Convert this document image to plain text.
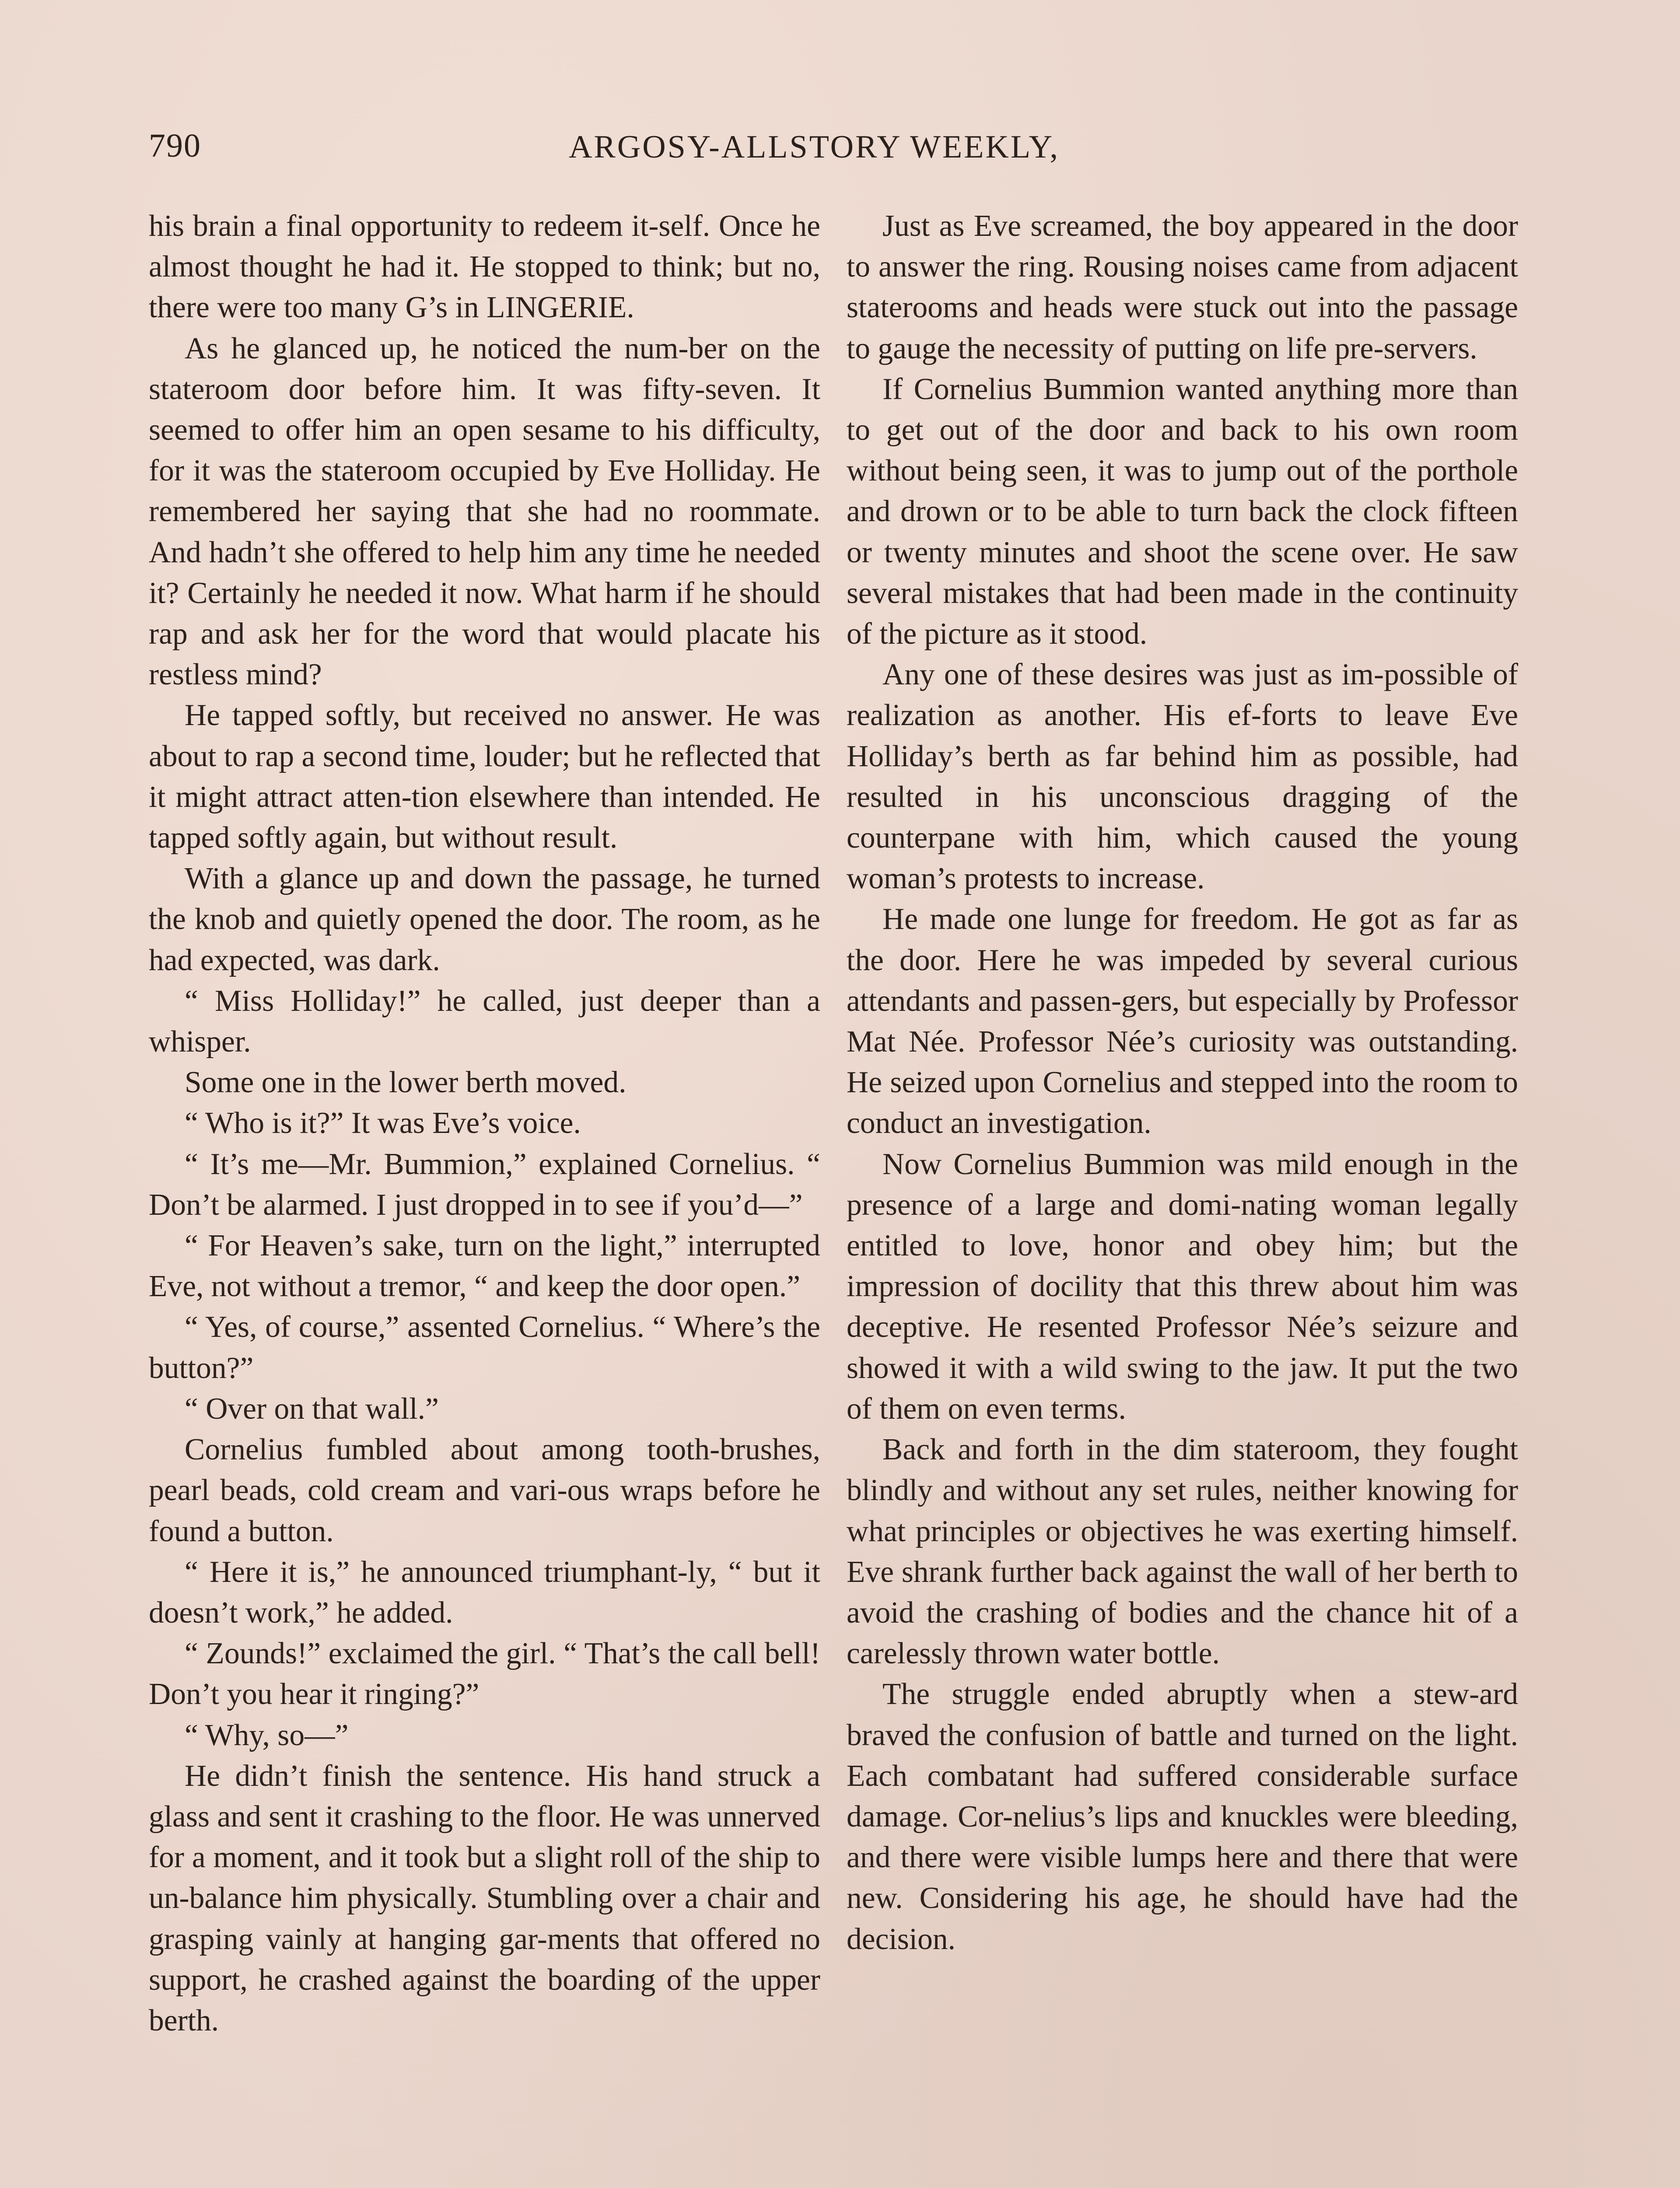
790	ARGOSY-ALLSTORY WEEKLY,

his brain a final opportunity to redeem it-self. Once he almost thought he had it. He stopped to think; but no, there were too many G’s in LINGERIE.

As he glanced up, he noticed the num-ber on the stateroom door before him. It was fifty-seven. It seemed to offer him an open sesame to his difficulty, for it was the stateroom occupied by Eve Holliday. He remembered her saying that she had no roommate. And hadn’t she offered to help him any time he needed it? Certainly he needed it now. What harm if he should rap and ask her for the word that would placate his restless mind?

He tapped softly, but received no answer. He was about to rap a second time, louder; but he reflected that it might attract atten-tion elsewhere than intended. He tapped softly again, but without result.

With a glance up and down the passage, he turned the knob and quietly opened the door. The room, as he had expected, was dark.

“ Miss Holliday!” he called, just deeper than a whisper.

Some one in the lower berth moved.

“ Who is it?” It was Eve’s voice.

“ It’s me—Mr. Bummion,” explained Cornelius. “ Don’t be alarmed. I just dropped in to see if you’d—”

“ For Heaven’s sake, turn on the light,” interrupted Eve, not without a tremor, “ and keep the door open.”

“ Yes, of course,” assented Cornelius. “ Where’s the button?”

“ Over on that wall.”

Cornelius fumbled about among tooth-brushes, pearl beads, cold cream and vari-ous wraps before he found a button.

“ Here it is,” he announced triumphant-ly, “ but it doesn’t work,” he added.

“ Zounds!” exclaimed the girl. “ That’s the call bell! Don’t you hear it ringing?”

“ Why, so—”

He didn’t finish the sentence. His hand struck a glass and sent it crashing to the floor. He was unnerved for a moment, and it took but a slight roll of the ship to un-balance him physically. Stumbling over a chair and grasping vainly at hanging gar-ments that offered no support, he crashed against the boarding of the upper berth.

Just as Eve screamed, the boy appeared in the door to answer the ring. Rousing noises came from adjacent staterooms and heads were stuck out into the passage to gauge the necessity of putting on life pre-servers.

If Cornelius Bummion wanted anything more than to get out of the door and back to his own room without being seen, it was to jump out of the porthole and drown or to be able to turn back the clock fifteen or twenty minutes and shoot the scene over. He saw several mistakes that had been made in the continuity of the picture as it stood.

Any one of these desires was just as im-possible of realization as another. His ef-forts to leave Eve Holliday’s berth as far behind him as possible, had resulted in his unconscious dragging of the counterpane with him, which caused the young woman’s protests to increase.

He made one lunge for freedom. He got as far as the door. Here he was impeded by several curious attendants and passen-gers, but especially by Professor Mat Née. Professor Née’s curiosity was outstanding. He seized upon Cornelius and stepped into the room to conduct an investigation.

Now Cornelius Bummion was mild enough in the presence of a large and domi-nating woman legally entitled to love, honor and obey him; but the impression of docility that this threw about him was deceptive. He resented Professor Née’s seizure and showed it with a wild swing to the jaw. It put the two of them on even terms.

Back and forth in the dim stateroom, they fought blindly and without any set rules, neither knowing for what principles or objectives he was exerting himself. Eve shrank further back against the wall of her berth to avoid the crashing of bodies and the chance hit of a carelessly thrown water bottle.

The struggle ended abruptly when a stew-ard braved the confusion of battle and turned on the light. Each combatant had suffered considerable surface damage. Cor-nelius’s lips and knuckles were bleeding, and there were visible lumps here and there that were new. Considering his age, he should have had the decision.
